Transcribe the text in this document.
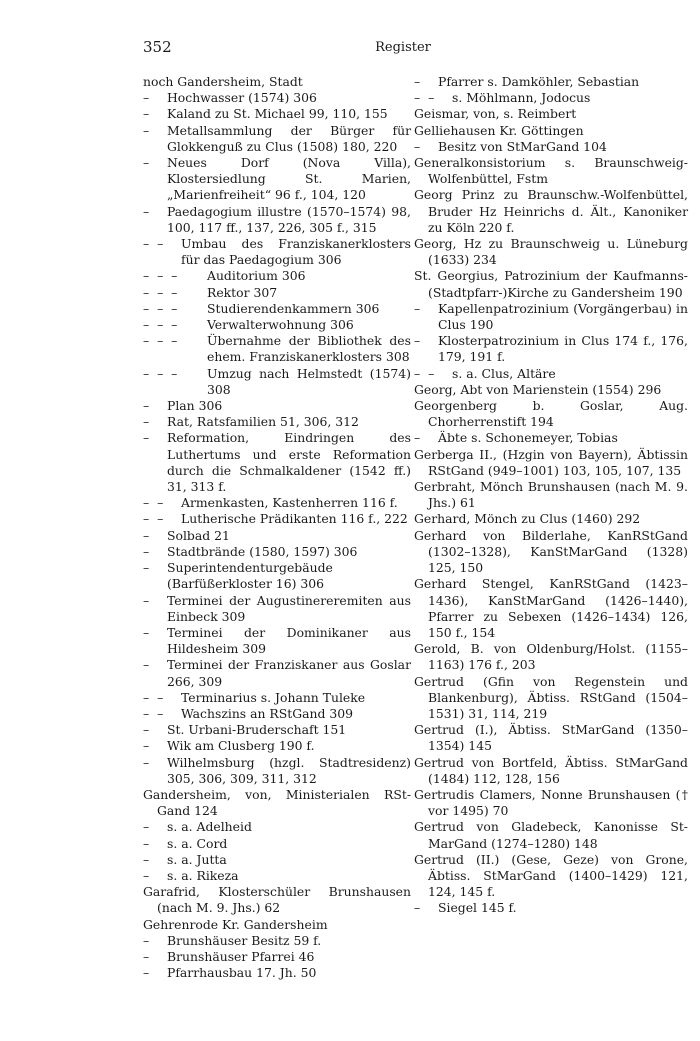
352	Register
noch Gandersheim, Stadt
– Hochwasser (1574) 306
– Kaland zu St. Michael 99, 110, 155
– Metallsammlung der Bürger für Glokkenguß zu Clus (1508) 180, 220
– Neues Dorf (Nova Villa), Klostersiedlung St. Marien, „Marienfreiheit“ 96 f., 104, 120
– Paedagogium illustre (1570–1574) 98, 100, 117 ff., 137, 226, 305 f., 315
–  – Umbau des Franziskanerklosters für das Paedagogium 306
–  –  – Auditorium 306
–  –  – Rektor 307
–  –  – Studierendenkammern 306
–  –  – Verwalterwohnung 306
–  –  – Übernahme der Bibliothek des ehem. Franziskanerklosters 308
–  –  – Umzug nach Helmstedt (1574) 308
– Plan 306
– Rat, Ratsfamilien 51, 306, 312
– Reformation, Eindringen des Luthertums und erste Reformation durch die Schmalkaldener (1542 ff.) 31, 313 f.
–  – Armenkasten, Kastenherren 116 f.
–  – Lutherische Prädikanten 116 f., 222
– Solbad 21
– Stadtbrände (1580, 1597) 306
– Superintendenturgebäude (Barfüßerkloster 16) 306
– Terminei der Augustinereremiten aus Einbeck 309
– Terminei der Dominikaner aus Hildesheim 309
– Terminei der Franziskaner aus Goslar 266, 309
–  – Terminarius s. Johann Tuleke
–  – Wachszins an RStGand 309
– St. Urbani-Bruderschaft 151
– Wik am Clusberg 190 f.
– Wilhelmsburg (hzgl. Stadtresidenz) 305, 306, 309, 311, 312
Gandersheim, von, Ministerialen RSt-Gand 124
– s. a. Adelheid
– s. a. Cord
– s. a. Jutta
– s. a. Rikeza
Garafrid, Klosterschüler Brunshausen (nach M. 9. Jhs.) 62
Gehrenrode Kr. Gandersheim
– Brunshäuser Besitz 59 f.
– Brunshäuser Pfarrei 46
– Pfarrhausbau 17. Jh. 50
– Pfarrer s. Damköhler, Sebastian
–  – s. Möhlmann, Jodocus
Geismar, von, s. Reimbert
Gelliehausen Kr. Göttingen
– Besitz von StMarGand 104
Generalkonsistorium s. Braunschweig-Wolfenbüttel, Fstm
Georg Prinz zu Braunschw.-Wolfenbüttel, Bruder Hz Heinrichs d. Ält., Kanoniker zu Köln 220 f.
Georg, Hz zu Braunschweig u. Lüneburg (1633) 234
St. Georgius, Patrozinium der Kaufmanns-(Stadtpfarr-)Kirche zu Gandersheim 190
– Kapellenpatrozinium (Vorgängerbau) in Clus 190
– Klosterpatrozinium in Clus 174 f., 176, 179, 191 f.
–  – s. a. Clus, Altäre
Georg, Abt von Marienstein (1554) 296
Georgenberg b. Goslar, Aug. Chorherrenstift 194
– Äbte s. Schonemeyer, Tobias
Gerberga II., (Hzgin von Bayern), Äbtissin RStGand (949–1001) 103, 105, 107, 135
Gerbraht, Mönch Brunshausen (nach M. 9. Jhs.) 61
Gerhard, Mönch zu Clus (1460) 292
Gerhard von Bilderlahe, KanRStGand (1302–1328), KanStMarGand (1328) 125, 150
Gerhard Stengel, KanRStGand (1423–1436), KanStMarGand (1426–1440), Pfarrer zu Sebexen (1426–1434) 126, 150 f., 154
Gerold, B. von Oldenburg/Holst. (1155–1163) 176 f., 203
Gertrud (Gfin von Regenstein und Blankenburg), Äbtiss. RStGand (1504–1531) 31, 114, 219
Gertrud (I.), Äbtiss. StMarGand (1350–1354) 145
Gertrud von Bortfeld, Äbtiss. StMarGand (1484) 112, 128, 156
Gertrudis Clamers, Nonne Brunshausen († vor 1495) 70
Gertrud von Gladebeck, Kanonisse St-MarGand (1274–1280) 148
Gertrud (II.) (Gese, Geze) von Grone, Äbtiss. StMarGand (1400–1429) 121, 124, 145 f.
– Siegel 145 f.
